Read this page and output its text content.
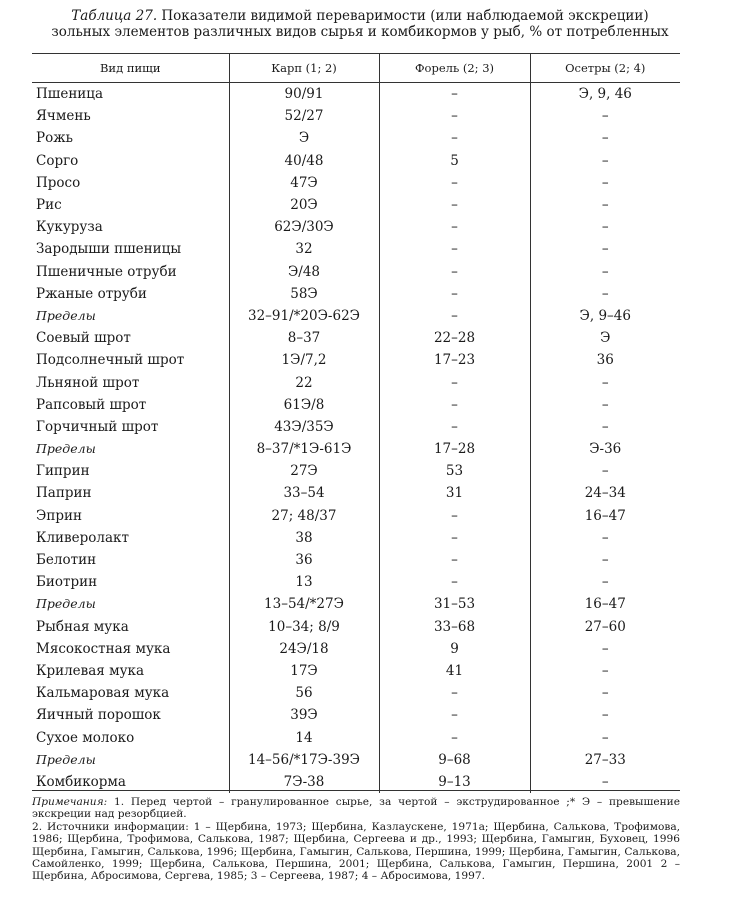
Таблица 27. Показатели видимой переваримости (или наблюдаемой экскреции) зольных элементов различных видов сырья и комбикормов у рыб, % от потребленных
Вид пищи	Карп (1; 2)	Форель (2; 3)	Осетры (2; 4)
Пшеница	90/91	–	Э, 9, 46
Ячмень	52/27	–	–
Рожь	Э	–	–
Сорго	40/48	5	–
Просо	47Э	–	–
Рис	20Э	–	–
Кукуруза	62Э/30Э	–	–
Зародыши пшеницы	32	–	–
Пшеничные отруби	Э/48	–	–
Ржаные отруби	58Э	–	–
Пределы	32–91/*20Э-62Э	–	Э, 9–46
Соевый шрот	8–37	22–28	Э
Подсолнечный шрот	1Э/7,2	17–23	36
Льняной шрот	22	–	–
Рапсовый шрот	61Э/8	–	–
Горчичный шрот	43Э/35Э	–	–
Пределы	8–37/*1Э-61Э	17–28	Э-36
Гиприн	27Э	53	–
Паприн	33–54	31	24–34
Эприн	27; 48/37	–	16–47
Кливеролакт	38	–	–
Белотин	36	–	–
Биотрин	13	–	–
Пределы	13–54/*27Э	31–53	16–47
Рыбная мука	10–34; 8/9	33–68	27–60
Мясокостная мука	24Э/18	9	–
Крилевая мука	17Э	41	–
Кальмаровая мука	56	–	–
Яичный порошок	39Э	–	–
Сухое молоко	14	–	–
Пределы	14–56/*17Э-39Э	9–68	27–33
Комбикорма	7Э-38	9–13	–

Примечания: 1. Перед чертой – гранулированное сырье, за чертой – экструдированное ;* Э – превышение экскреции над резорбцией.

2. Источники информации: 1 – Щербина, 1973; Щербина, Казлаускене, 1971а; Щербина, Салькова, Трофимова, 1986; Щербина, Трофимова, Салькова, 1987; Щербина, Сергеева и др., 1993; Щербина, Гамыгин, Буховец, 1996 Щербина, Гамыгин, Салькова, 1996; Щербина, Гамыгин, Салькова, Першина, 1999; Щербина, Гамыгин, Салькова, Самойленко, 1999; Щербина, Салькова, Першина, 2001; Щербина, Салькова, Гамыгин, Першина, 2001 2 – Щербина, Абросимова, Сергева, 1985; 3 – Сергеева, 1987; 4 – Абросимова, 1997.
